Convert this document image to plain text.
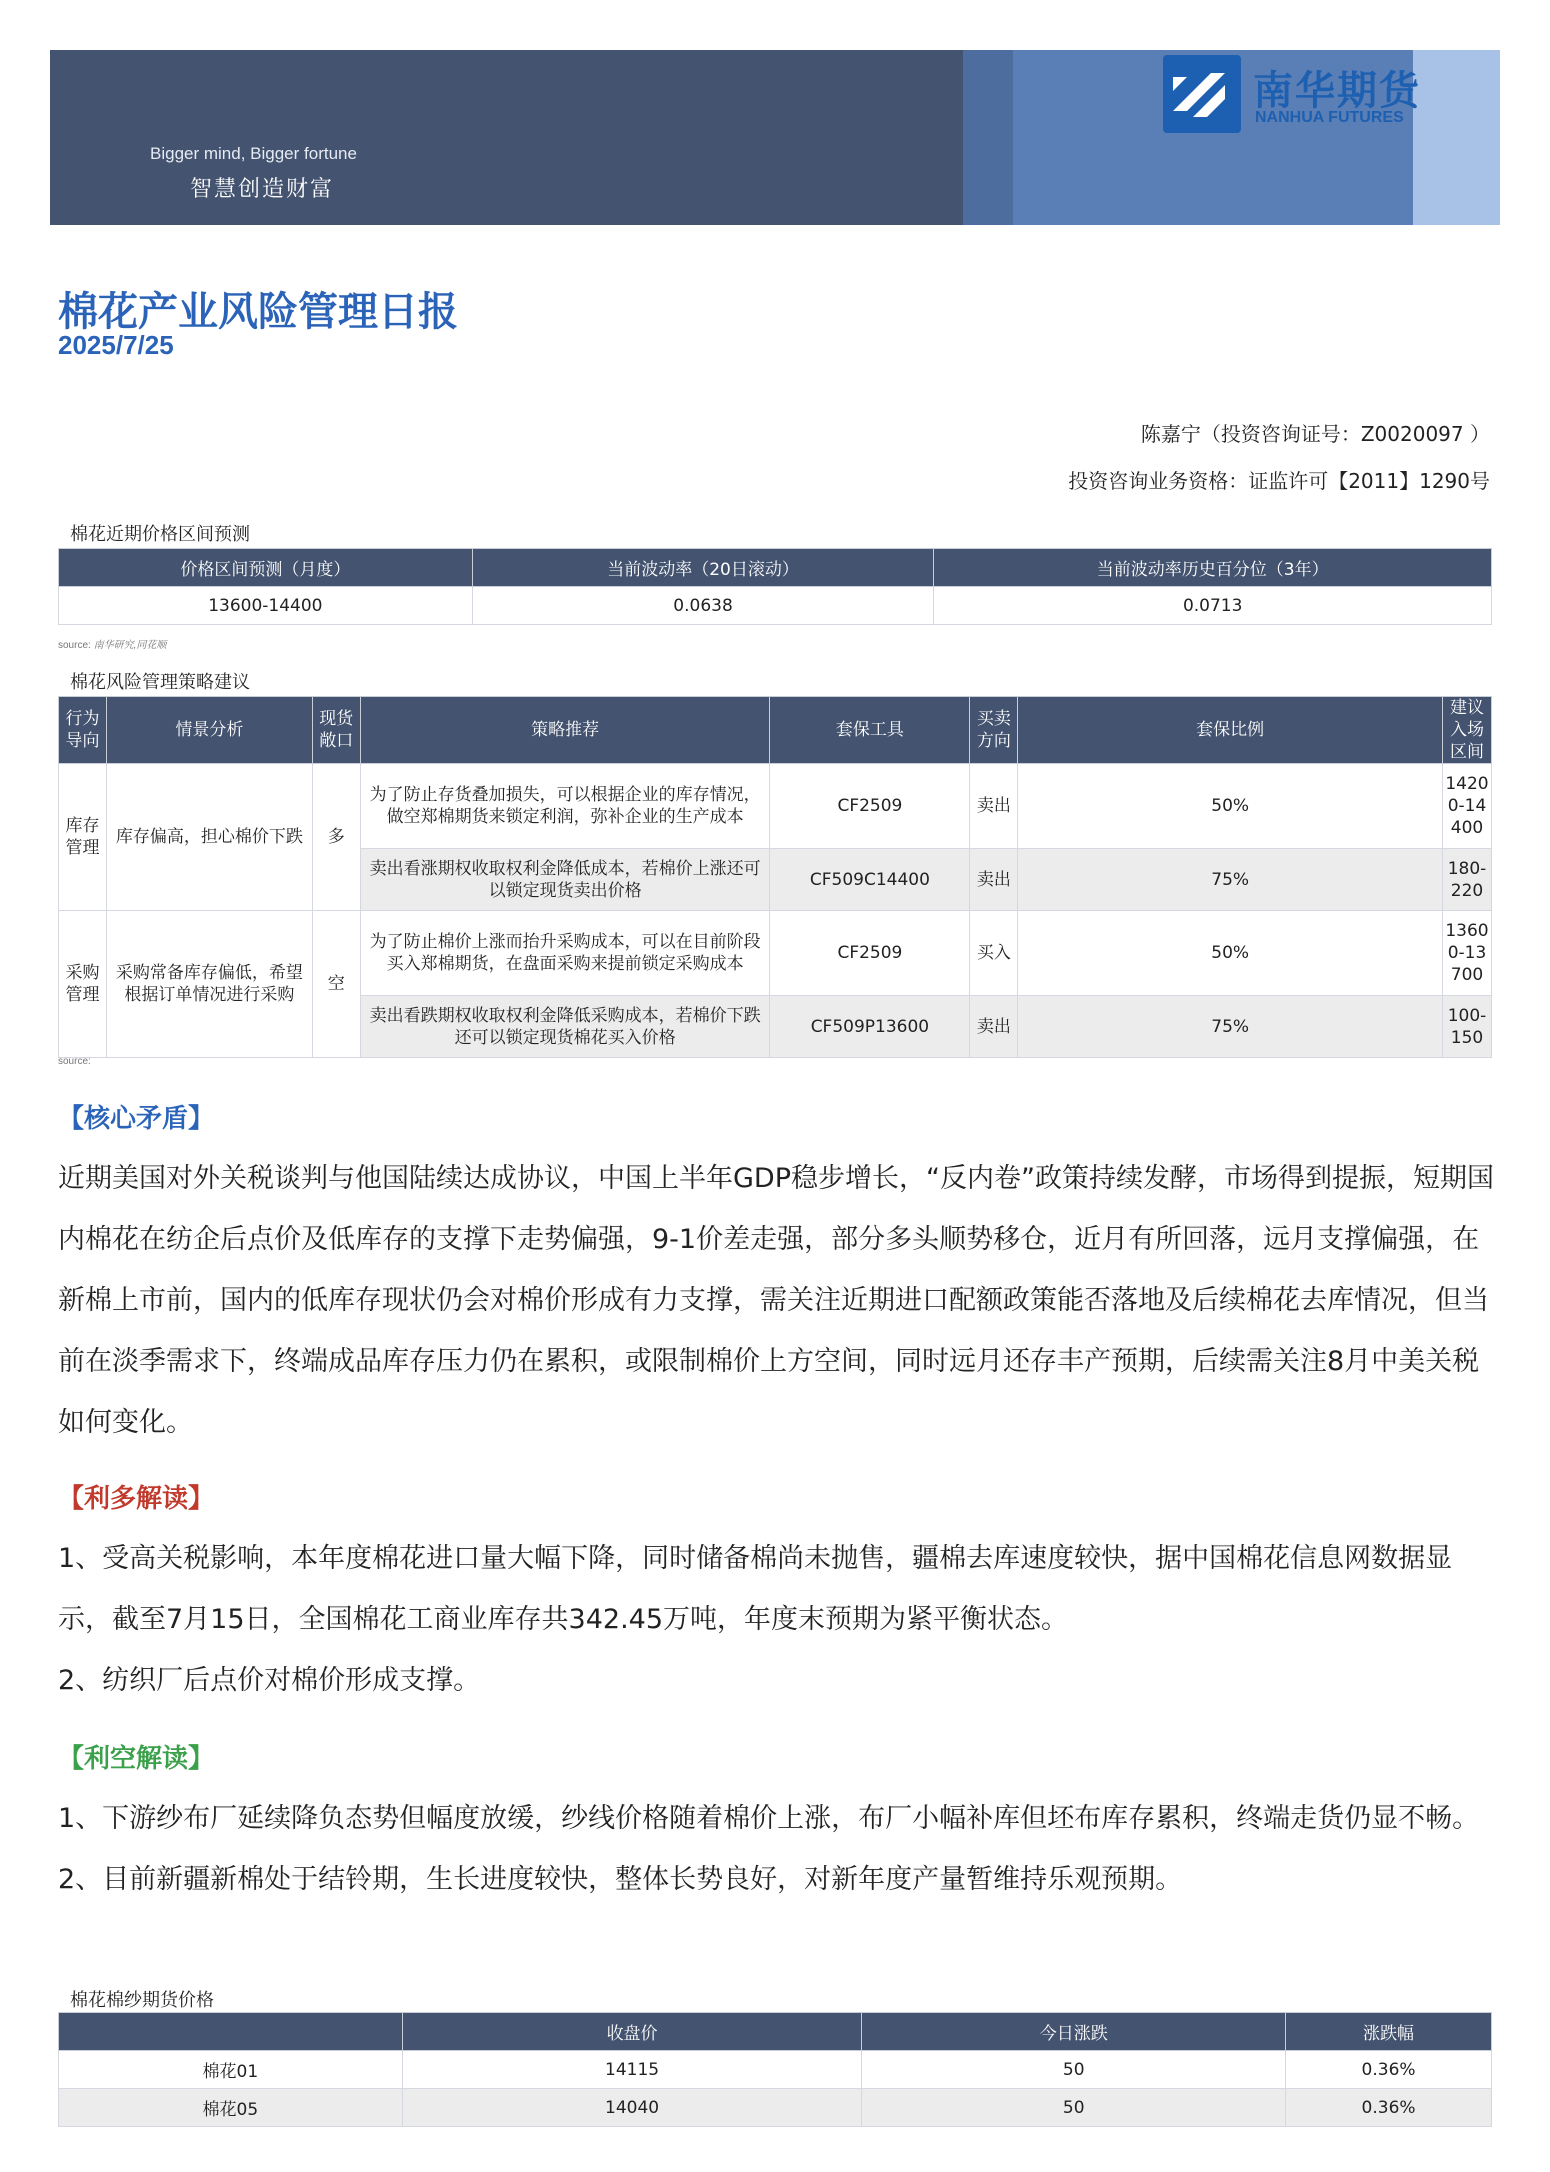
Bigger mind, Bigger fortune
智慧创造财富
南华期货
NANHUA FUTURES
棉花产业风险管理日报
2025/7/25
陈嘉宁（投资咨询证号：Z0020097 ）
投资咨询业务资格：证监许可【2011】1290号
棉花近期价格区间预测
价格区间预测（月度）	当前波动率（20日滚动）	当前波动率历史百分位（3年）
13600-14400	0.0638	0.0713
source: 南华研究,同花顺
棉花风险管理策略建议
行为导向	情景分析	现货敞口	策略推荐	套保工具	买卖方向	套保比例	建议入场区间
库存管理	库存偏高，担心棉价下跌	多	为了防止存货叠加损失，可以根据企业的库存情况，做空郑棉期货来锁定利润，弥补企业的生产成本	CF2509	卖出	50%	14200-14400
			卖出看涨期权收取权利金降低成本，若棉价上涨还可以锁定现货卖出价格	CF509C14400	卖出	75%	180-220
采购管理	采购常备库存偏低，希望根据订单情况进行采购	空	为了防止棉价上涨而抬升采购成本，可以在目前阶段买入郑棉期货，在盘面采购来提前锁定采购成本	CF2509	买入	50%	13600-13700
			卖出看跌期权收取权利金降低采购成本，若棉价下跌还可以锁定现货棉花买入价格	CF509P13600	卖出	75%	100-150
source:
【核心矛盾】

近期美国对外关税谈判与他国陆续达成协议，中国上半年GDP稳步增长，“反内卷”政策持续发酵，市场得到提振，短期国内棉花在纺企后点价及低库存的支撑下走势偏强，9-1价差走强，部分多头顺势移仓，近月有所回落，远月支撑偏强，在新棉上市前，国内的低库存现状仍会对棉价形成有力支撑，需关注近期进口配额政策能否落地及后续棉花去库情况，但当前在淡季需求下，终端成品库存压力仍在累积，或限制棉价上方空间，同时远月还存丰产预期，后续需关注8月中美关税如何变化。

【利多解读】

1、受高关税影响，本年度棉花进口量大幅下降，同时储备棉尚未抛售，疆棉去库速度较快，据中国棉花信息网数据显示，截至7月15日，全国棉花工商业库存共342.45万吨，年度末预期为紧平衡状态。

2、纺织厂后点价对棉价形成支撑。

【利空解读】

1、下游纱布厂延续降负态势但幅度放缓，纱线价格随着棉价上涨，布厂小幅补库但坯布库存累积，终端走货仍显不畅。

2、目前新疆新棉处于结铃期，生长进度较快，整体长势良好，对新年度产量暂维持乐观预期。

棉花棉纱期货价格
	收盘价	今日涨跌	涨跌幅
棉花01	14115	50	0.36%
棉花05	14040	50	0.36%
